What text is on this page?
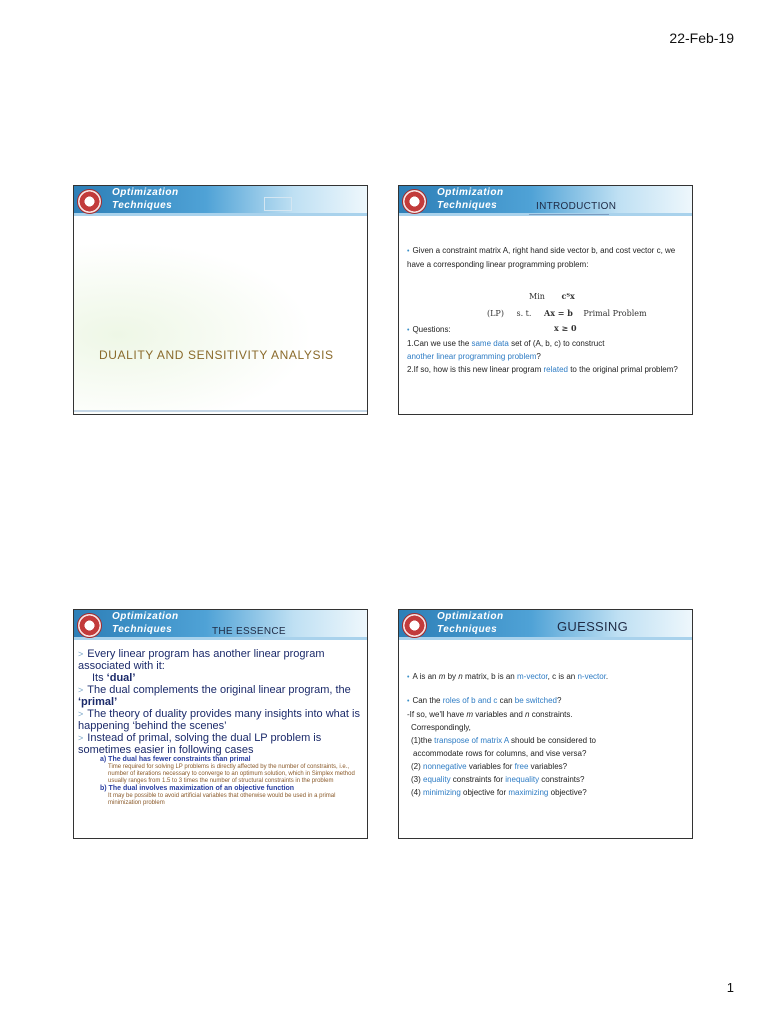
22-Feb-19
Optimization
Techniques
DUALITY AND SENSITIVITY ANALYSIS
Optimization
Techniques	INTRODUCTION
• Given a constraint matrix A, right hand side vector b, and cost vector c, we have a corresponding linear programming problem:
Min cᵀx
(LP) s. t. Ax = b Primal Problem
x ≥ 0
• Questions:
1.Can we use the same data set of (A, b, c) to construct
another linear programming problem?
2.If so, how is this new linear program related to the original primal problem?
Optimization
Techniques	THE ESSENCE
> Every linear program has another linear program associated with it:
Its ‘dual’
> The dual complements the original linear program, the ‘primal’
> The theory of duality provides many insights into what is happening ‘behind the scenes’
> Instead of primal, solving the dual LP problem is sometimes easier in following cases
a) The dual has fewer constraints than primal
Time required for solving LP problems is directly affected by the number of constraints, i.e., number of iterations necessary to converge to an optimum solution, which in Simplex method usually ranges from 1.5 to 3 times the number of structural constraints in the problem
b) The dual involves maximization of an objective function
It may be possible to avoid artificial variables that otherwise would be used in a primal minimization problem
Optimization
Techniques	GUESSING
• A is an m by n matrix, b is an m-vector, c is an n-vector.
• Can the roles of b and c can be switched?
-If so, we'll have m variables and n constraints.
Correspondingly,
(1)the transpose of matrix A should be considered to
accommodate rows for columns, and vise versa?
(2) nonnegative variables for free variables?
(3) equality constraints for inequality constraints?
(4) minimizing objective for maximizing objective?
1
